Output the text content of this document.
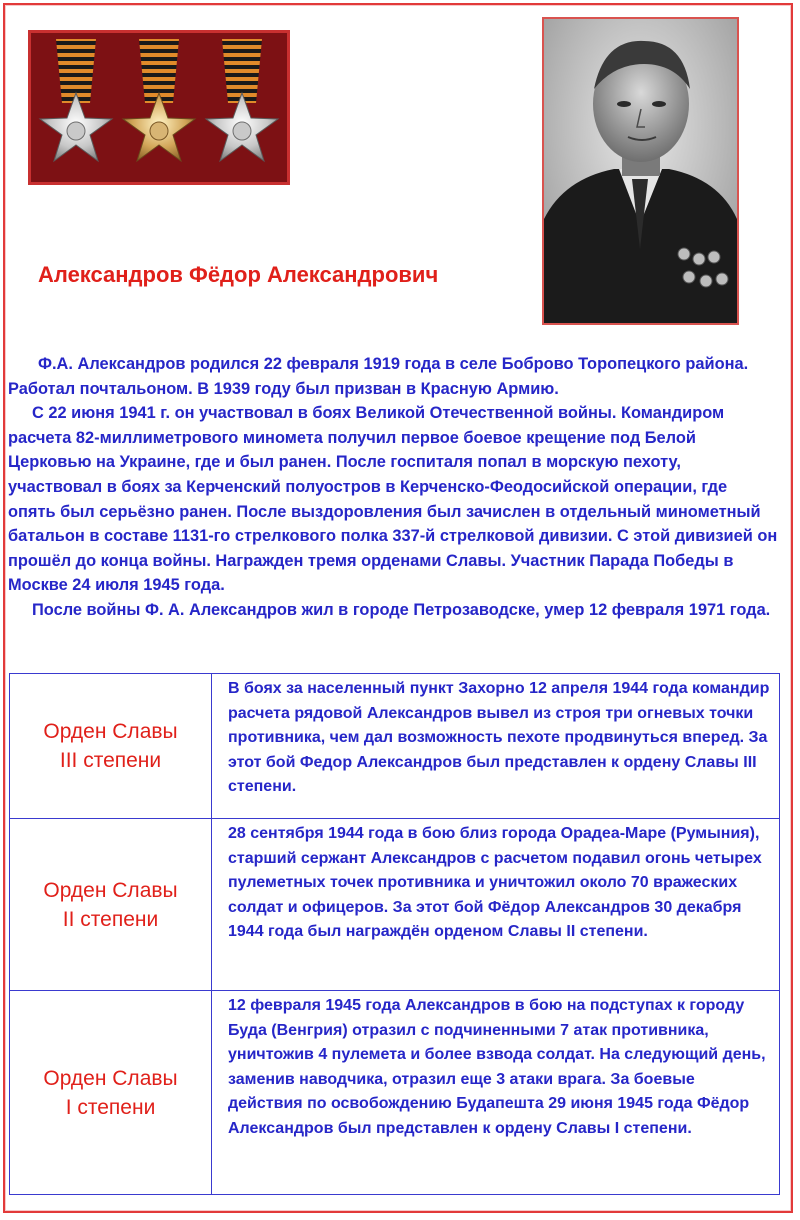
Александров Фёдор Александрович

Ф.А. Александров родился 22 февраля 1919 года в селе Боброво Торопецкого района. Работал почтальоном. В 1939 году был призван в Красную Армию.

С 22 июня 1941 г. он участвовал в боях Великой Отечественной войны. Командиром расчета 82-миллиметрового миномета получил первое боевое крещение под Белой Церковью на Украине, где и был ранен. После госпиталя попал в морскую пехоту, участвовал в боях за Керченский полуостров в Керченско-Феодосийской операции, где опять был серьёзно ранен. После выздоровления был зачислен в отдельный минометный батальон в составе 1131-го стрелкового полка 337-й стрелковой дивизии. С этой дивизией он прошёл до конца войны. Награжден тремя орденами Славы. Участник Парада Победы в Москве 24 июля 1945 года.

После войны Ф. А. Александров жил в городе Петрозаводске, умер 12 февраля 1971 года.

Орден Славы
III степени	В боях за населенный пункт Захорно 12 апреля 1944 года командир расчета рядовой Александров вывел из строя три огневых точки противника, чем дал возможность пехоте продвинуться вперед. За этот бой Федор Александров был представлен к ордену Славы III степени.

Орден Славы
II степени	28 сентября 1944 года в бою близ города Орадеа-Маре (Румыния), старший сержант Александров с расчетом подавил огонь четырех пулеметных точек противника и уничтожил около 70 вражеских солдат и офицеров. За этот бой Фёдор Александров 30 декабря 1944 года был награждён орденом Славы II степени.

Орден Славы
I степени	12 февраля 1945 года Александров в бою на подступах к городу Буда (Венгрия) отразил с подчиненными 7 атак противника, уничтожив 4 пулемета и более взвода солдат. На следующий день, заменив наводчика, отразил еще 3 атаки врага. За боевые действия по освобождению Будапешта 29 июня 1945 года Фёдор Александров был представлен к ордену Славы I степени.
